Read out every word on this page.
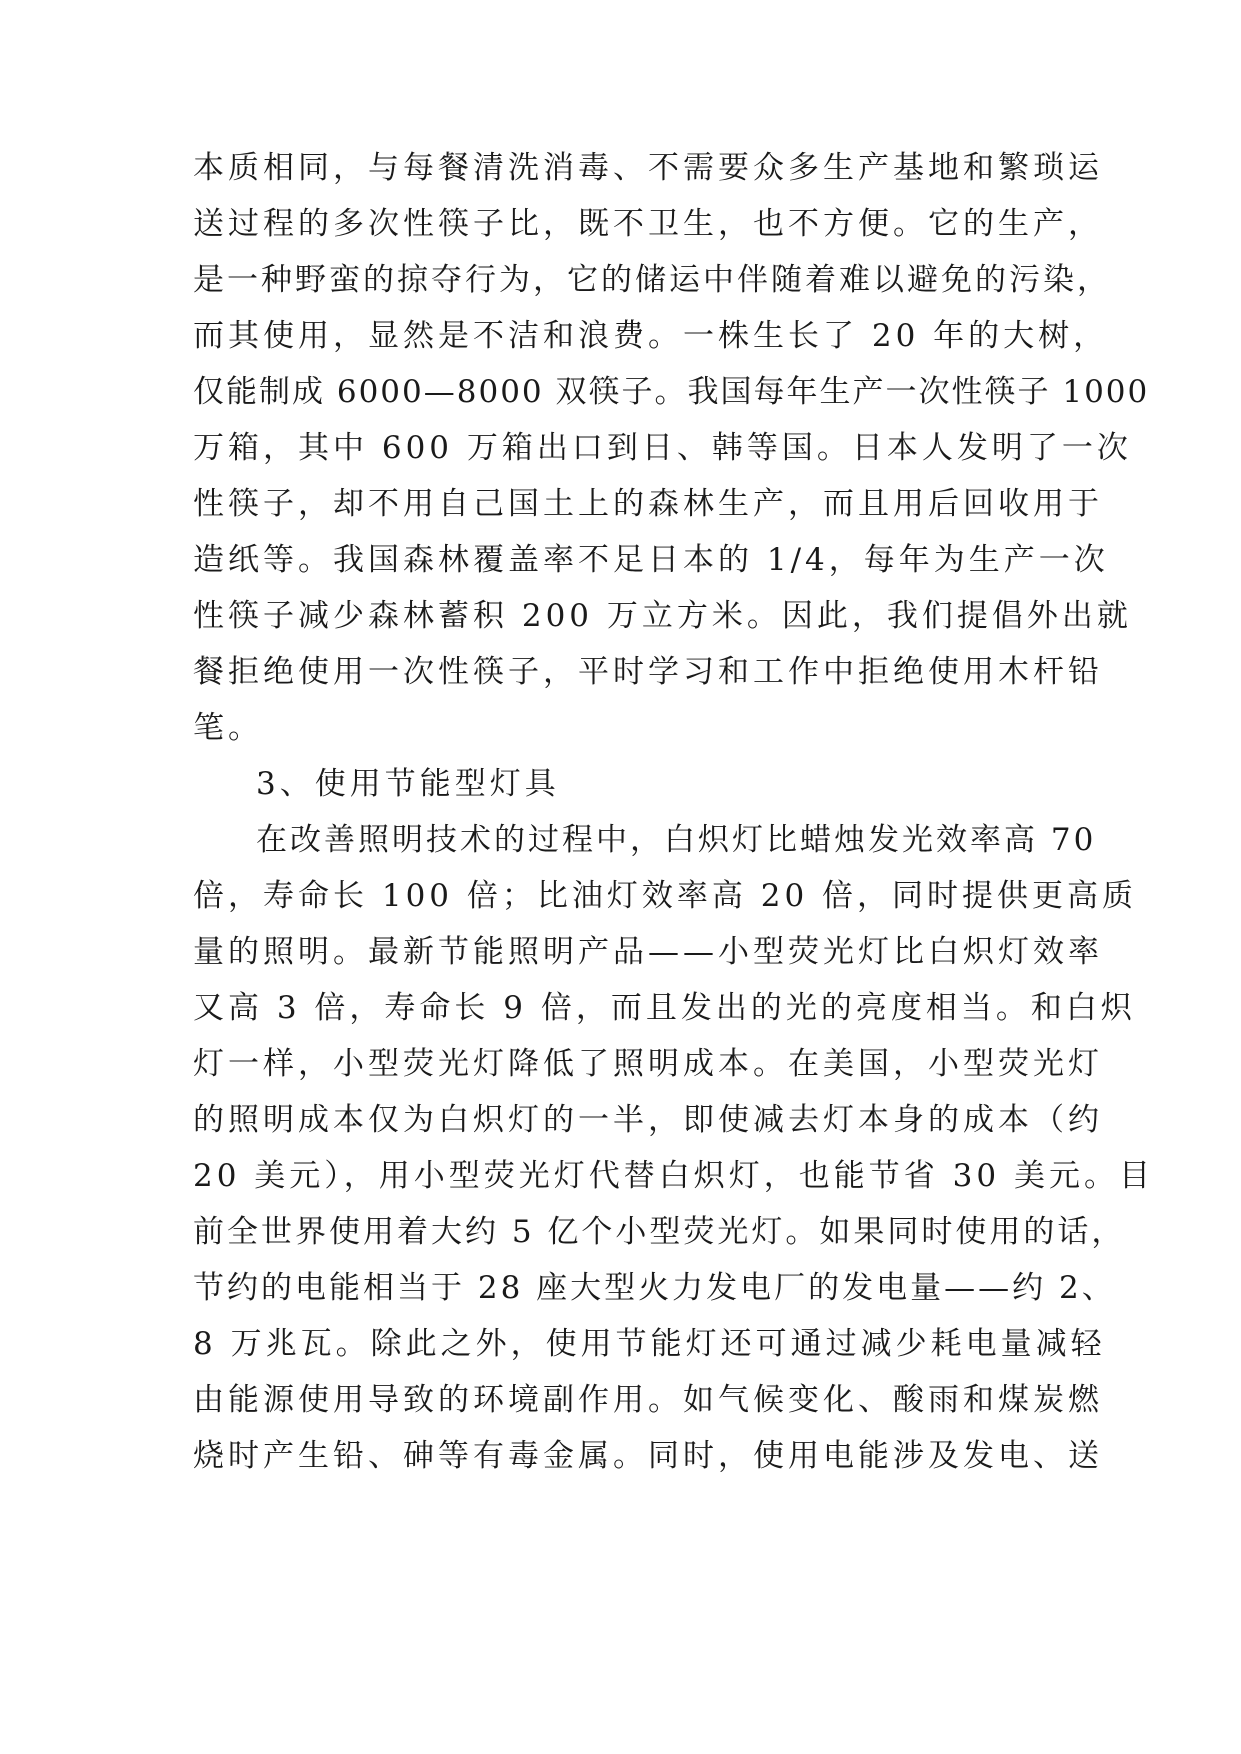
本质相同，与每餐清洗消毒、不需要众多生产基地和繁琐运
送过程的多次性筷子比，既不卫生，也不方便。它的生产，
是一种野蛮的掠夺行为，它的储运中伴随着难以避免的污染，
而其使用，显然是不洁和浪费。一株生长了 20 年的大树，
仅能制成 6000—8000 双筷子。我国每年生产一次性筷子 1000
万箱，其中 600 万箱出口到日、韩等国。日本人发明了一次
性筷子，却不用自己国土上的森林生产，而且用后回收用于
造纸等。我国森林覆盖率不足日本的 1/4，每年为生产一次
性筷子减少森林蓄积 200 万立方米。因此，我们提倡外出就
餐拒绝使用一次性筷子，平时学习和工作中拒绝使用木杆铅
笔。
3、使用节能型灯具
在改善照明技术的过程中，白炽灯比蜡烛发光效率高 70
倍，寿命长 100 倍；比油灯效率高 20 倍，同时提供更高质
量的照明。最新节能照明产品——小型荧光灯比白炽灯效率
又高 3 倍，寿命长 9 倍，而且发出的光的亮度相当。和白炽
灯一样，小型荧光灯降低了照明成本。在美国，小型荧光灯
的照明成本仅为白炽灯的一半，即使减去灯本身的成本（约
20 美元），用小型荧光灯代替白炽灯，也能节省 30 美元。目
前全世界使用着大约 5 亿个小型荧光灯。如果同时使用的话，
节约的电能相当于 28 座大型火力发电厂的发电量——约 2、
8 万兆瓦。除此之外，使用节能灯还可通过减少耗电量减轻
由能源使用导致的环境副作用。如气候变化、酸雨和煤炭燃
烧时产生铅、砷等有毒金属。同时，使用电能涉及发电、送
